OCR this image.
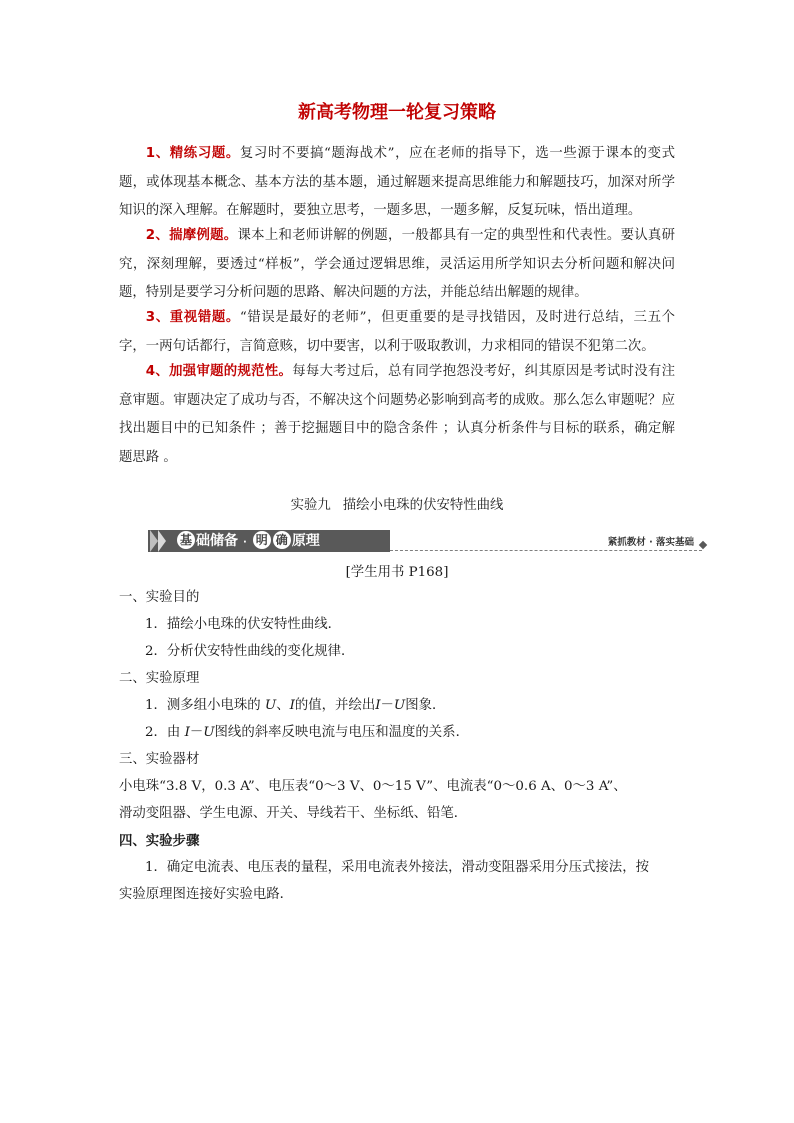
新高考物理一轮复习策略

1、精练习题。复习时不要搞“题海战术”，应在老师的指导下，选一些源于课本的变式题，或体现基本概念、基本方法的基本题，通过解题来提高思维能力和解题技巧，加深对所学知识的深入理解。在解题时，要独立思考，一题多思，一题多解，反复玩味，悟出道理。

2、揣摩例题。课本上和老师讲解的例题，一般都具有一定的典型性和代表性。要认真研究，深刻理解，要透过“样板”，学会通过逻辑思维，灵活运用所学知识去分析问题和解决问题，特别是要学习分析问题的思路、解决问题的方法，并能总结出解题的规律。

3、重视错题。“错误是最好的老师”，但更重要的是寻找错因，及时进行总结，三五个字，一两句话都行，言简意赅，切中要害，以利于吸取教训，力求相同的错误不犯第二次。

4、加强审题的规范性。每每大考过后，总有同学抱怨没考好，纠其原因是考试时没有注意审题。审题决定了成功与否，不解决这个问题势必影响到高考的成败。那么怎么审题呢？应找出题目中的已知条件 ；善于挖掘题目中的隐含条件 ；认真分析条件与目标的联系，确定解题思路 。

实验九 描绘小电珠的伏安特性曲线
基 础储备 · 明 确 原理	紧抓教材 · 落实基础
[学生用书 P168]
一、实验目的
1．描绘小电珠的伏安特性曲线．
2．分析伏安特性曲线的变化规律．
二、实验原理
1．测多组小电珠的 U、I的值，并绘出I－U图象．
2．由 I－U图线的斜率反映电流与电压和温度的关系．
三、实验器材
小电珠“3.8 V，0.3 A”、电压表“0～3 V、0～15 V”、电流表“0～0.6 A、0～3 A”、
滑动变阻器、学生电源、开关、导线若干、坐标纸、铅笔．
四、实验步骤
1．确定电流表、电压表的量程，采用电流表外接法，滑动变阻器采用分压式接法，按
实验原理图连接好实验电路．
